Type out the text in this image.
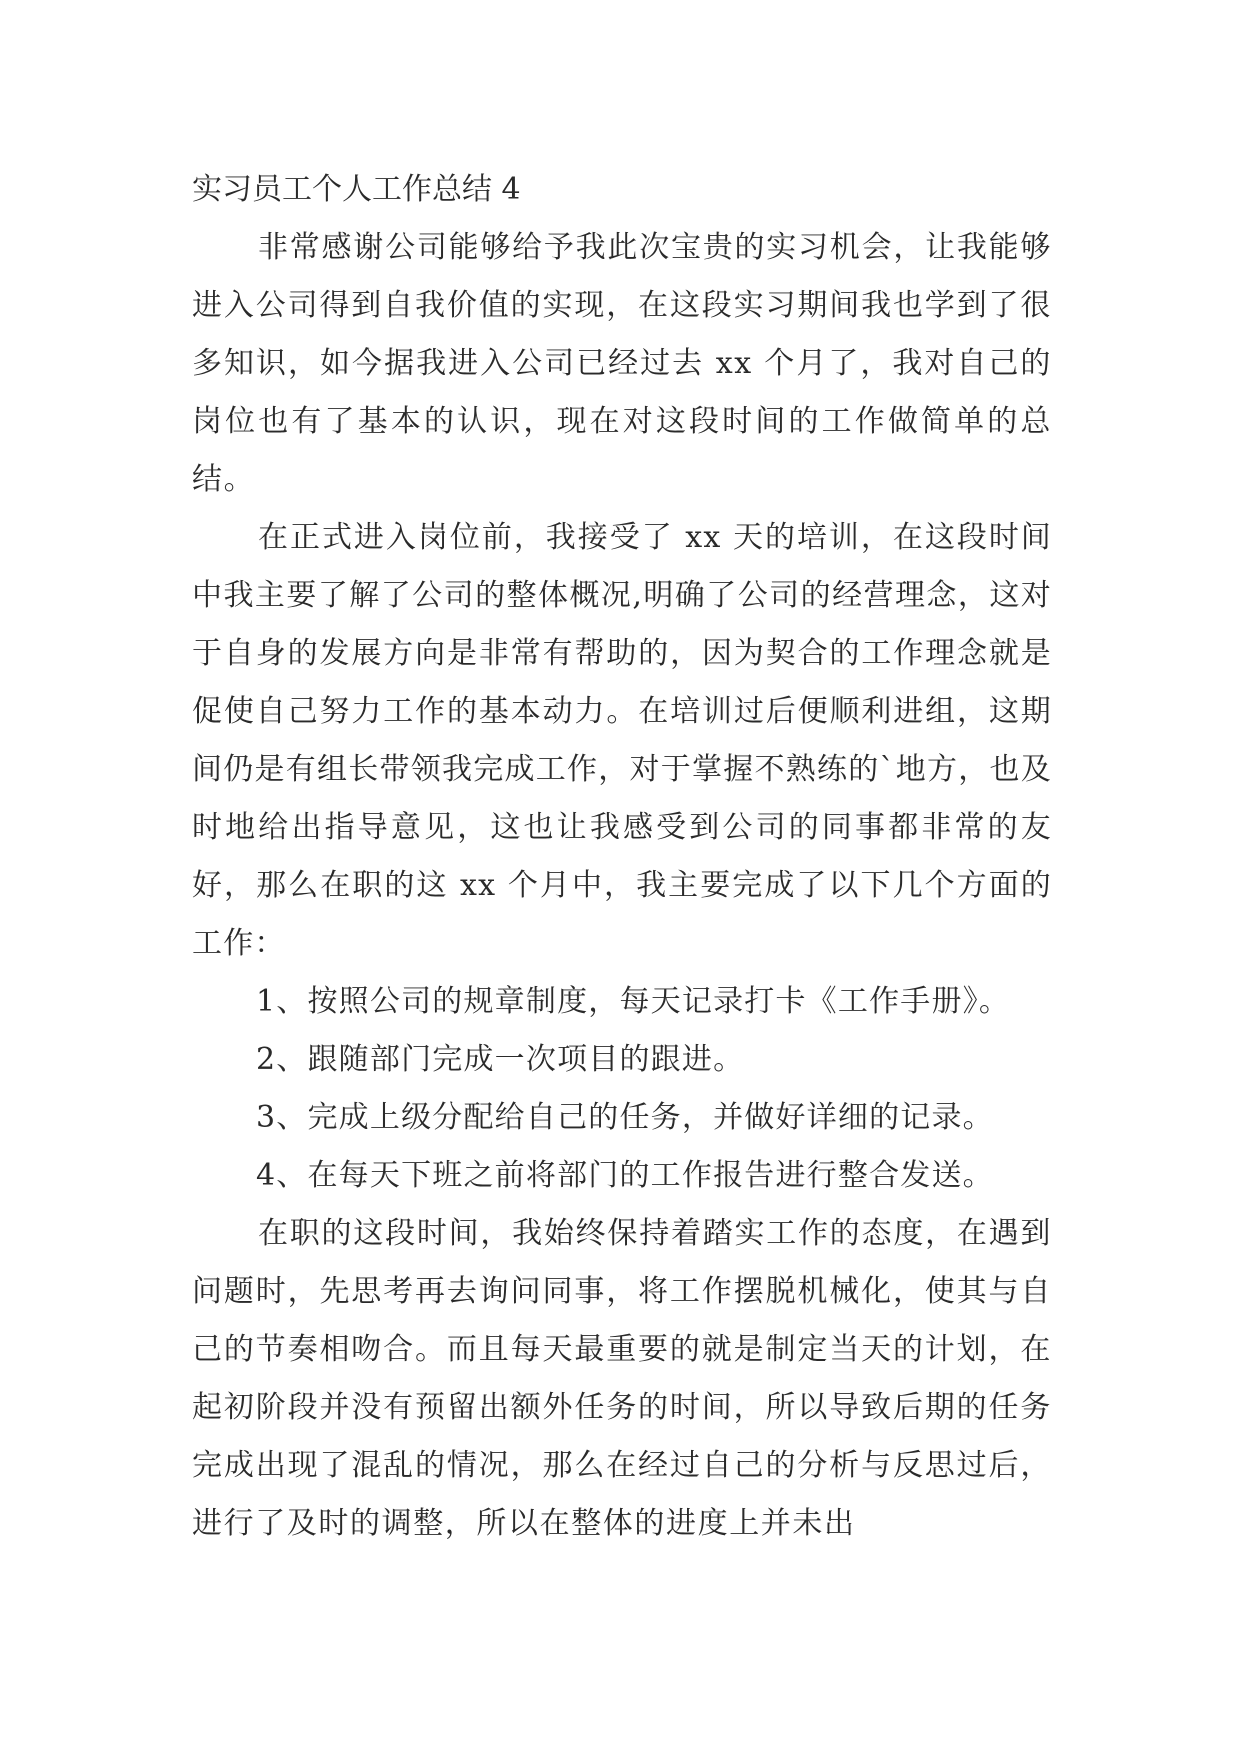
实习员工个人工作总结 4

非常感谢公司能够给予我此次宝贵的实习机会，让我能够进入公司得到自我价值的实现，在这段实习期间我也学到了很多知识，如今据我进入公司已经过去 xx 个月了，我对自己的岗位也有了基本的认识，现在对这段时间的工作做简单的总结。

在正式进入岗位前，我接受了 xx 天的培训，在这段时间中我主要了解了公司的整体概况,明确了公司的经营理念，这对于自身的发展方向是非常有帮助的，因为契合的工作理念就是促使自己努力工作的基本动力。在培训过后便顺利进组，这期间仍是有组长带领我完成工作，对于掌握不熟练的`地方，也及时地给出指导意见，这也让我感受到公司的同事都非常的友好，那么在职的这 xx 个月中，我主要完成了以下几个方面的工作：

1、按照公司的规章制度，每天记录打卡《工作手册》。

2、跟随部门完成一次项目的跟进。

3、完成上级分配给自己的任务，并做好详细的记录。

4、在每天下班之前将部门的工作报告进行整合发送。

在职的这段时间，我始终保持着踏实工作的态度，在遇到问题时，先思考再去询问同事，将工作摆脱机械化，使其与自己的节奏相吻合。而且每天最重要的就是制定当天的计划，在起初阶段并没有预留出额外任务的时间，所以导致后期的任务完成出现了混乱的情况，那么在经过自己的分析与反思过后，进行了及时的调整，所以在整体的进度上并未出
